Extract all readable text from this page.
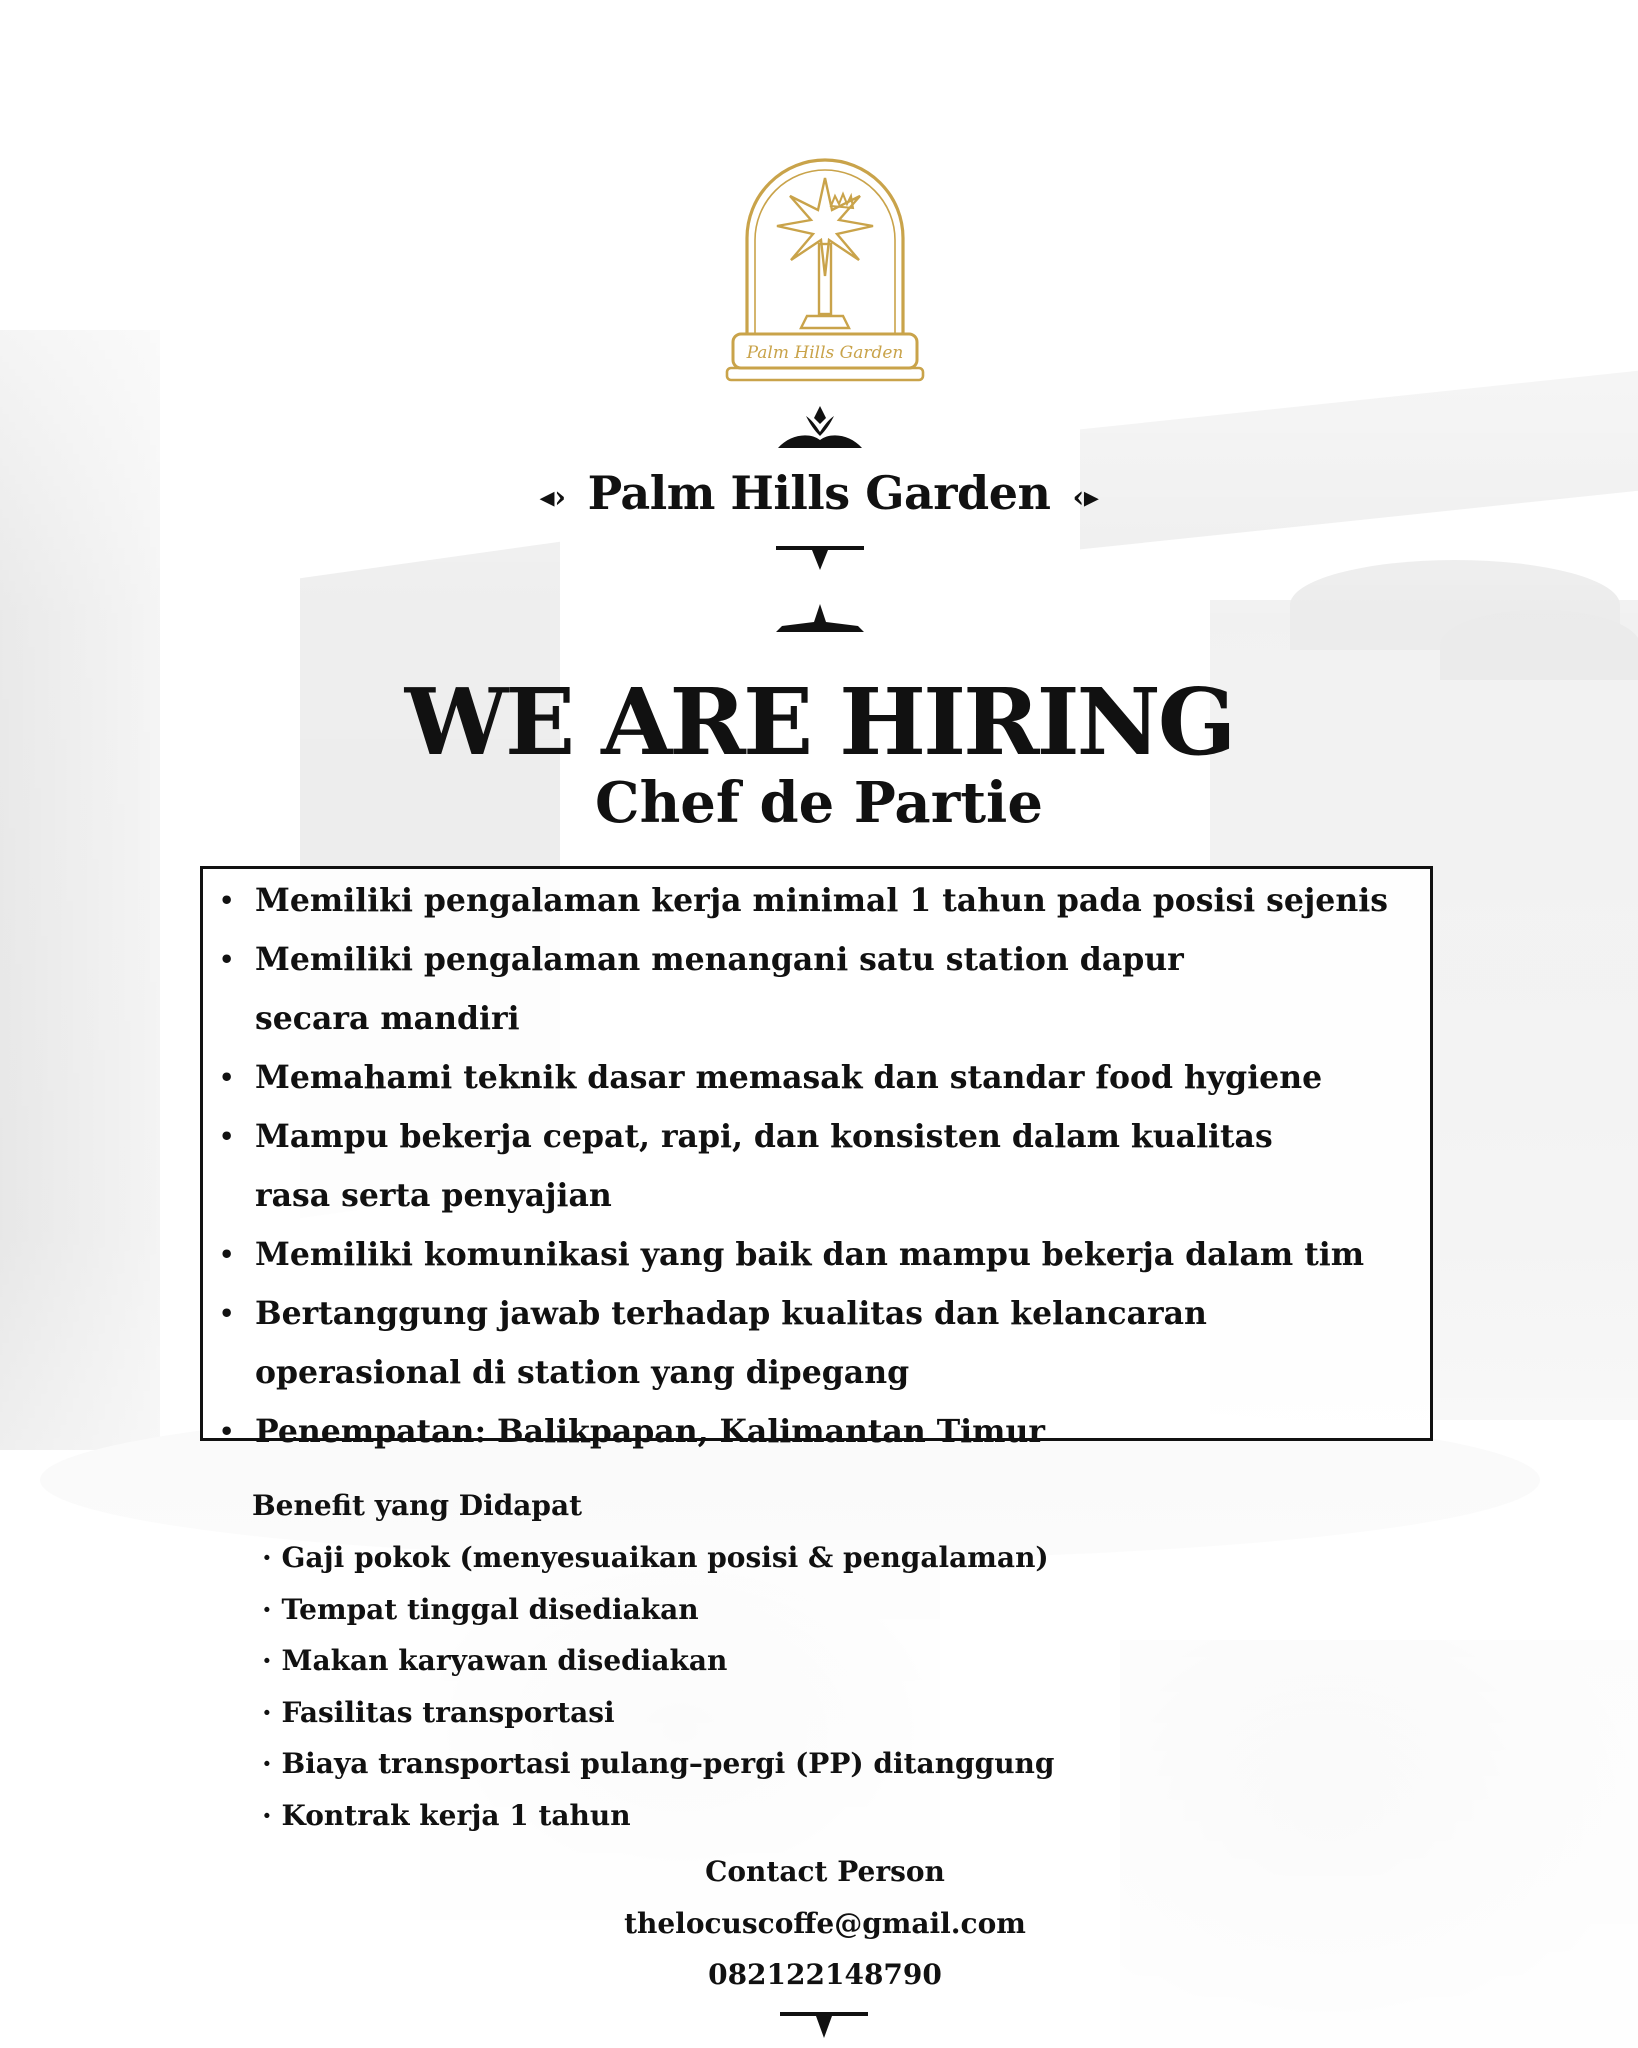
Palm Hills Garden
◂› Palm Hills Garden ‹▸
WE ARE HIRING
Chef de Partie
• Memiliki pengalaman kerja minimal 1 tahun pada posisi sejenis
• Memiliki pengalaman menangani satu station dapur secara mandiri
• Memahami teknik dasar memasak dan standar food hygiene
• Mampu bekerja cepat, rapi, dan konsisten dalam kualitas rasa serta penyajian
• Memiliki komunikasi yang baik dan mampu bekerja dalam tim
• Bertanggung jawab terhadap kualitas dan kelancaran operasional di station yang dipegang
• Penempatan: Balikpapan, Kalimantan Timur
Benefit yang Didapat
· Gaji pokok (menyesuaikan posisi & pengalaman)
· Tempat tinggal disediakan
· Makan karyawan disediakan
· Fasilitas transportasi
· Biaya transportasi pulang–pergi (PP) ditanggung
· Kontrak kerja 1 tahun
Contact Person
thelocuscoffe@gmail.com
082122148790
